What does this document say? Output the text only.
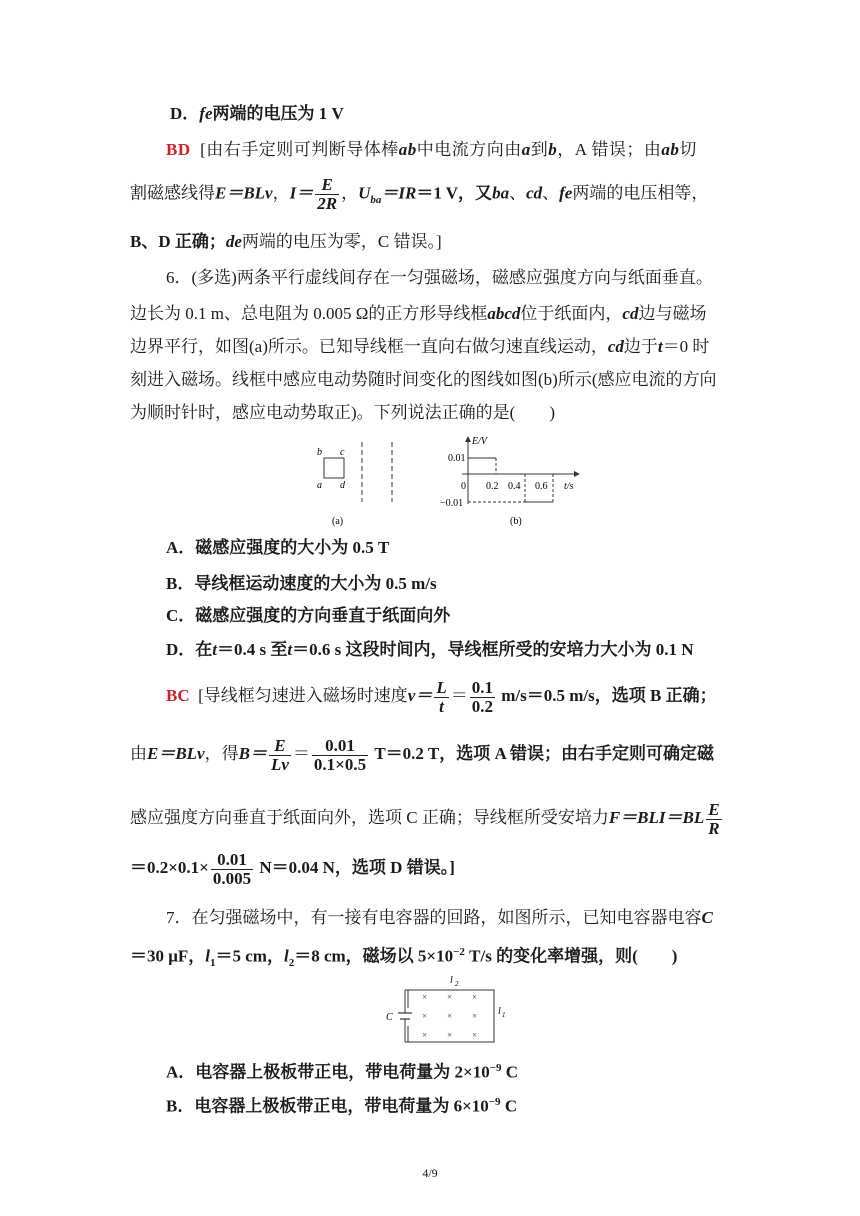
D．fe两端的电压为 1 V
BD [由右手定则可判断导体棒ab中电流方向由a到b，A 错误；由ab切
割磁感线得E＝BLv，$I= \frac{E}{2R}$ ，$U_{ba}=IR=1$ V，又ba、cd、fe两端的电压相等，
B、D 正确；de两端的电压为零，C 错误。]
6．(多选)两条平行虚线间存在一匀强磁场，磁感应强度方向与纸面垂直。
边长为 0.1 m、总电阻为 0.005 Ω的正方形导线框abcd位于纸面内，cd边与磁场
边界平行，如图(a)所示。已知导线框一直向右做匀速直线运动，cd边于t＝0 时
刻进入磁场。线框中感应电动势随时间变化的图线如图(b)所示(感应电流的方向
为顺时针时，感应电动势取正)。下列说法正确的是(　　)
b c
a d
(a)
E/V
0.01
−0.01
0 0.2 0.4 0.6 t/s
(b)
A．磁感应强度的大小为 0.5 T
B．导线框运动速度的大小为 0.5 m/s
C．磁感应强度的方向垂直于纸面向外
D．在t＝0.4 s 至t＝0.6 s 这段时间内，导线框所受的安培力大小为 0.1 N
BC [导线框匀速进入磁场时速度$v= \frac{L}{t} = \frac{0.1}{0.2} m/s=0.5$ m/s，选项 B 正确；
由E＝BLv，得$B= \frac{E}{Lv} = \frac{0.01}{0.1\times 0.5} T=0.2$ T，选项 A 错误；由右手定则可确定磁
感应强度方向垂直于纸面向外，选项 C 正确；导线框所受安培力$F=BLI=BL \frac{E}{R}$
$=0.2\times 0.1\times \frac{0.01}{0.005} N=0.04$ N，选项 D 错误。]
7．在匀强磁场中，有一接有电容器的回路，如图所示，已知电容器电容C
＝30 μF，$l_1=5$ cm，$l_2=8$ cm，磁场以 $5\times 10^{-2}$ T/s 的变化率增强，则(　　)
l 2
C
l 1
× × ×
× × ×
× × ×
A．电容器上极板带正电，带电荷量为 $2\times 10^{-9}$ C
B．电容器上极板带正电，带电荷量为 $6\times 10^{-9}$ C
4/9
